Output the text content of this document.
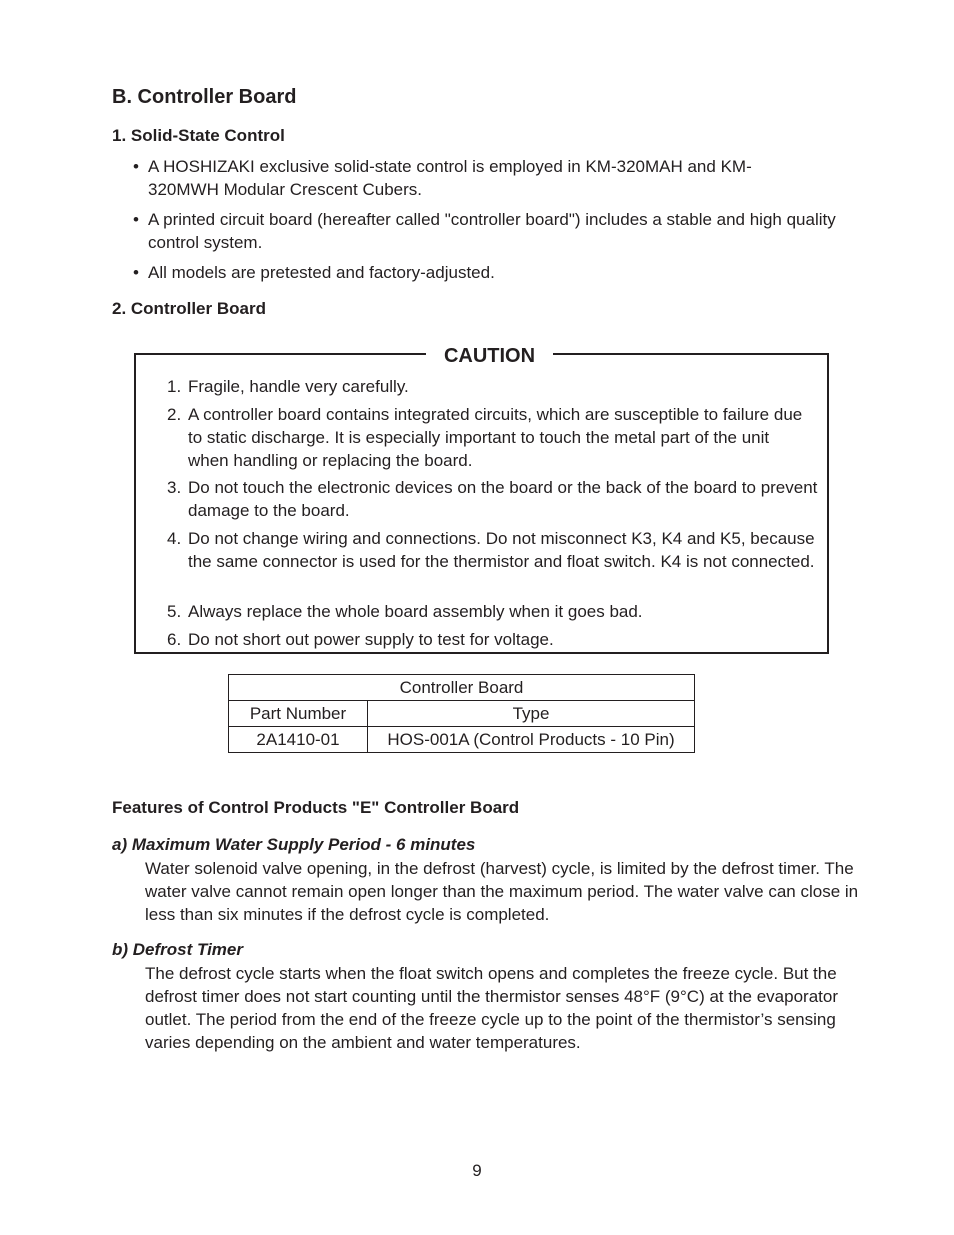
B. Controller Board
1. Solid-State Control
• A HOSHIZAKI exclusive solid-state control is employed in KM-320MAH and KM-320MWH Modular Crescent Cubers.
• A printed circuit board (hereafter called "controller board") includes a stable and high quality control system.
• All models are pretested and factory-adjusted.
2. Controller Board
CAUTION
1. Fragile, handle very carefully.
2. A controller board contains integrated circuits, which are susceptible to failure due to static discharge. It is especially important to touch the metal part of the unit when handling or replacing the board.
3. Do not touch the electronic devices on the board or the back of the board to prevent damage to the board.
4. Do not change wiring and connections. Do not misconnect K3, K4 and K5, because the same connector is used for the thermistor and float switch. K4 is not connected.
5. Always replace the whole board assembly when it goes bad.
6. Do not short out power supply to test for voltage.
Controller Board	
Part Number	Type
2A1410-01	HOS-001A (Control Products - 10 Pin)
Features of Control Products "E" Controller Board
a) Maximum Water Supply Period - 6 minutes
Water solenoid valve opening, in the defrost (harvest) cycle, is limited by the defrost timer. The water valve cannot remain open longer than the maximum period. The water valve can close in less than six minutes if the defrost cycle is completed.
b) Defrost Timer
The defrost cycle starts when the float switch opens and completes the freeze cycle. But the defrost timer does not start counting until the thermistor senses 48°F (9°C) at the evaporator outlet. The period from the end of the freeze cycle up to the point of the thermistor’s sensing varies depending on the ambient and water temperatures.
9
